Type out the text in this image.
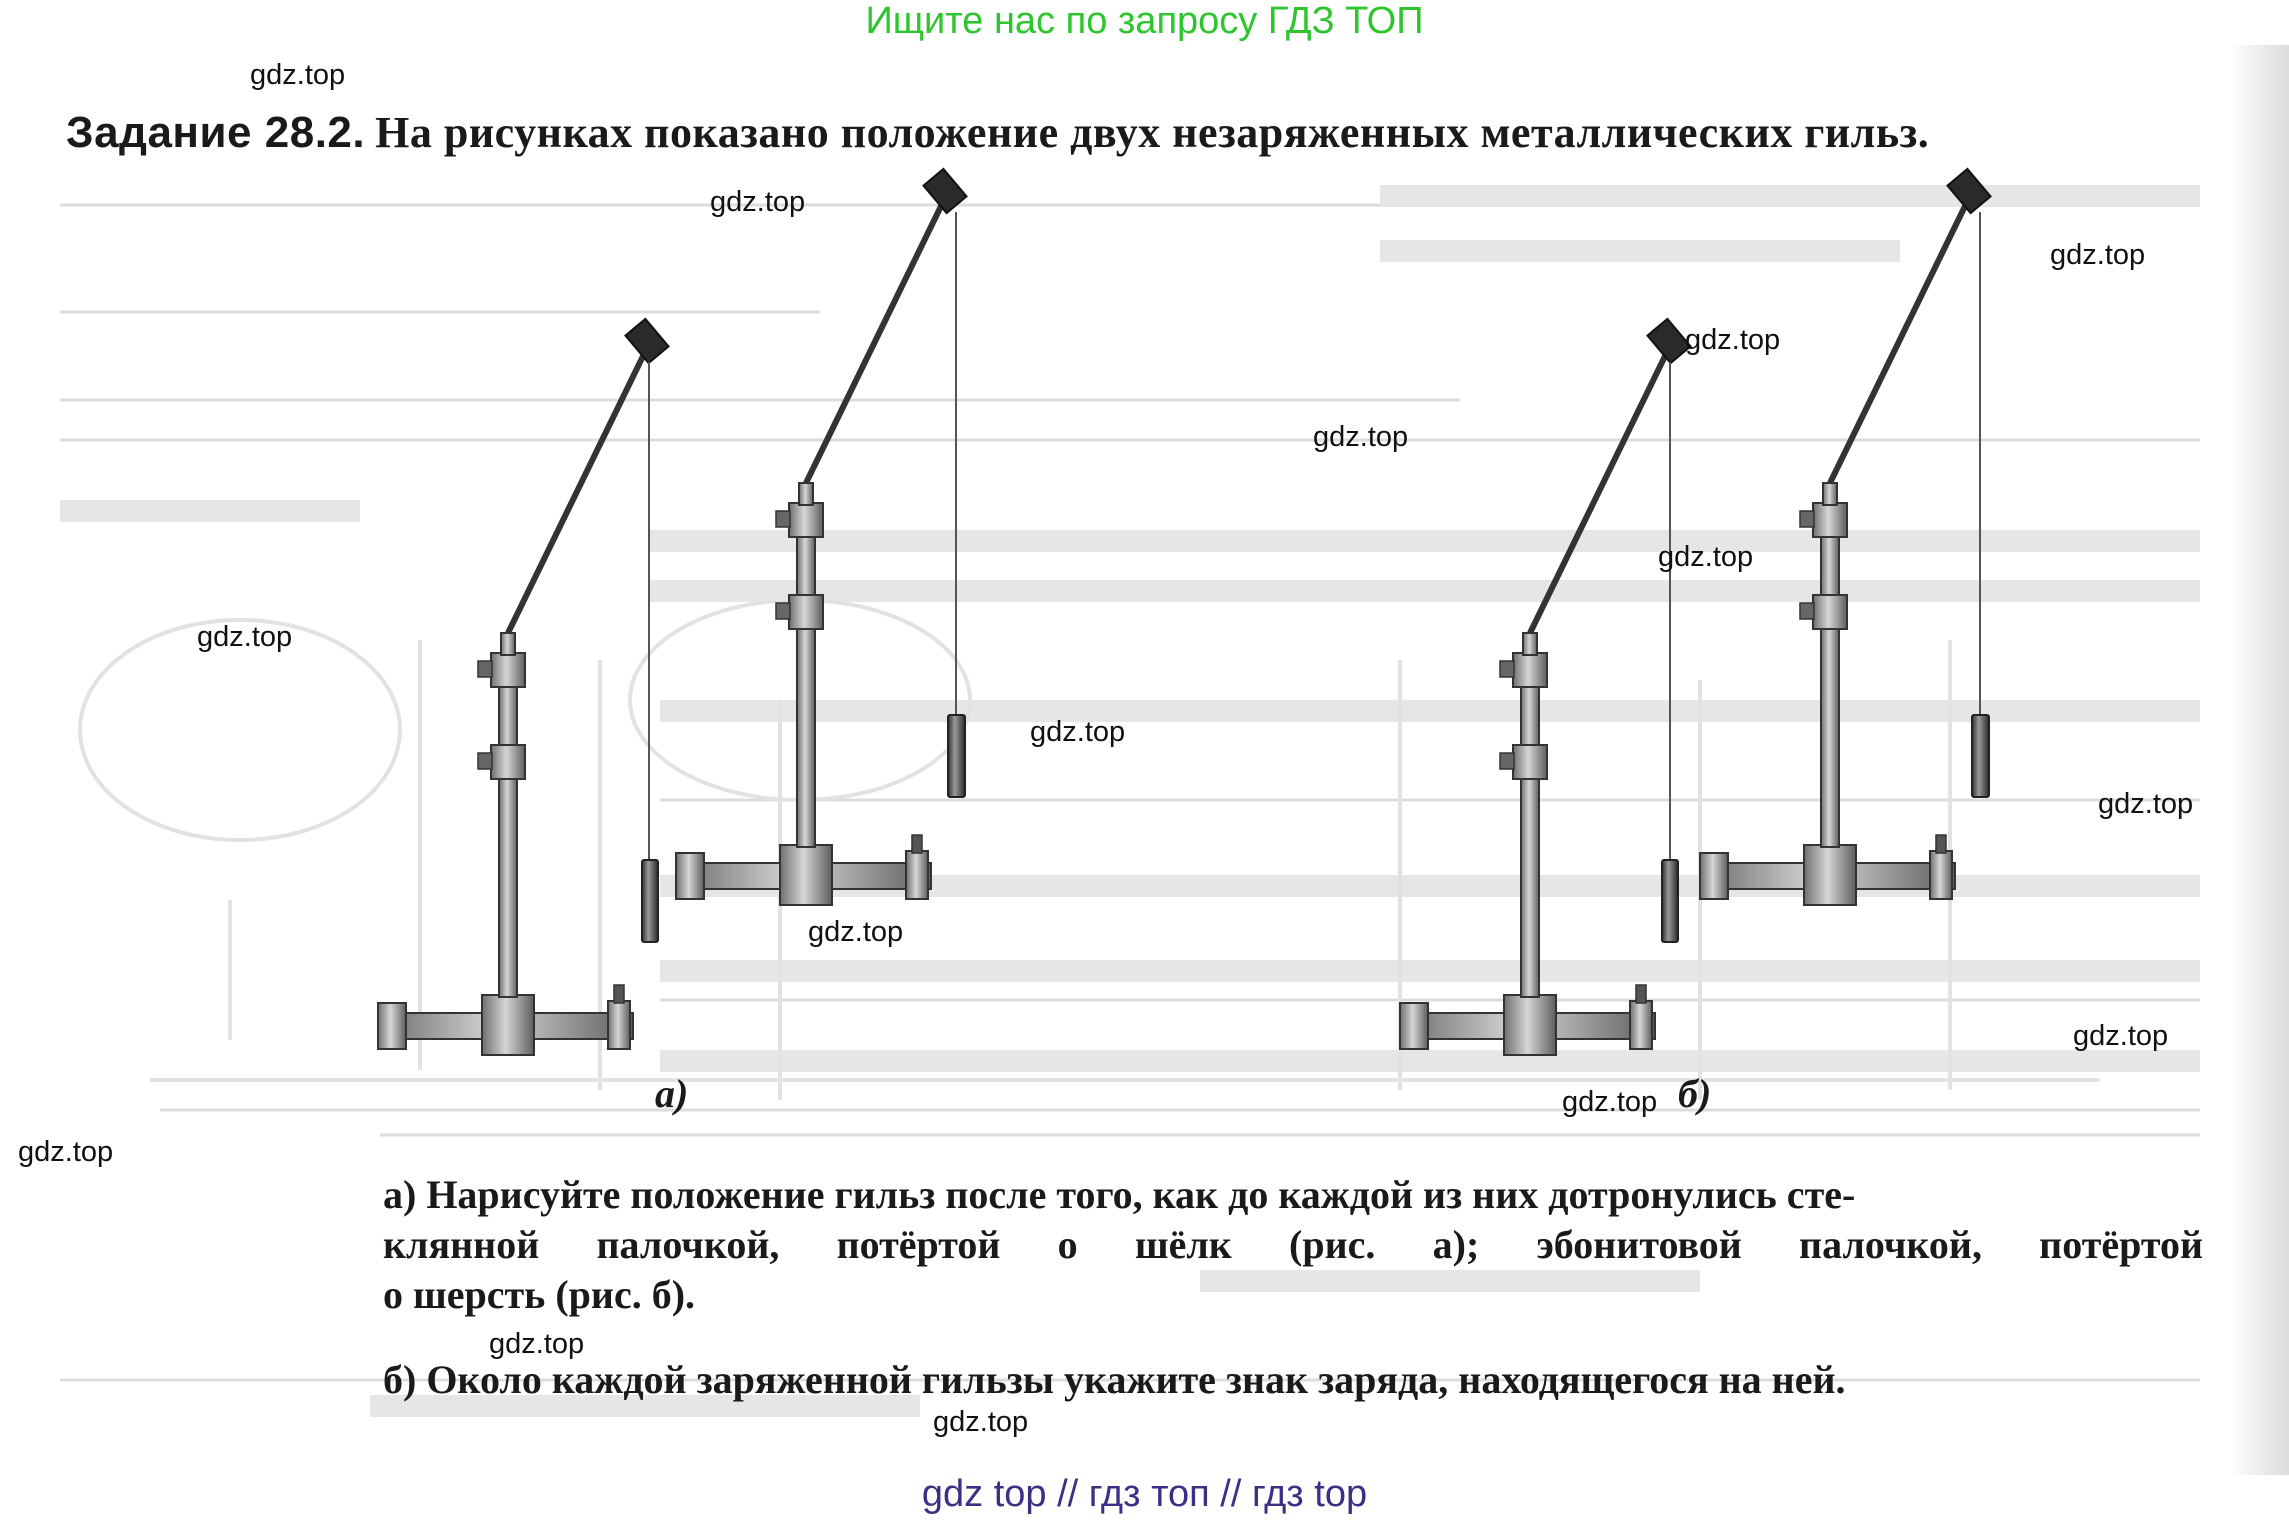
Ищите нас по запросу ГДЗ ТОП
Задание 28.2. На рисунках показано положение двух незаряженных металлических гильз.
а)	б)
а) Нарисуйте положение гильз после того, как до каждой из них дотронулись сте-
клянной палочкой, потёртой о шёлк (рис. а); эбонитовой палочкой, потёртой
о шерсть (рис. б).
б) Около каждой заряженной гильзы укажите знак заряда, находящегося на ней.
gdz.top
gdz.top
gdz.top
gdz.top
gdz.top
gdz.top
gdz.top
gdz.top
gdz.top
gdz.top
gdz.top
gdz.top
gdz.top
gdz.top
gdz.top
gdz top // гдз топ // гдз top
